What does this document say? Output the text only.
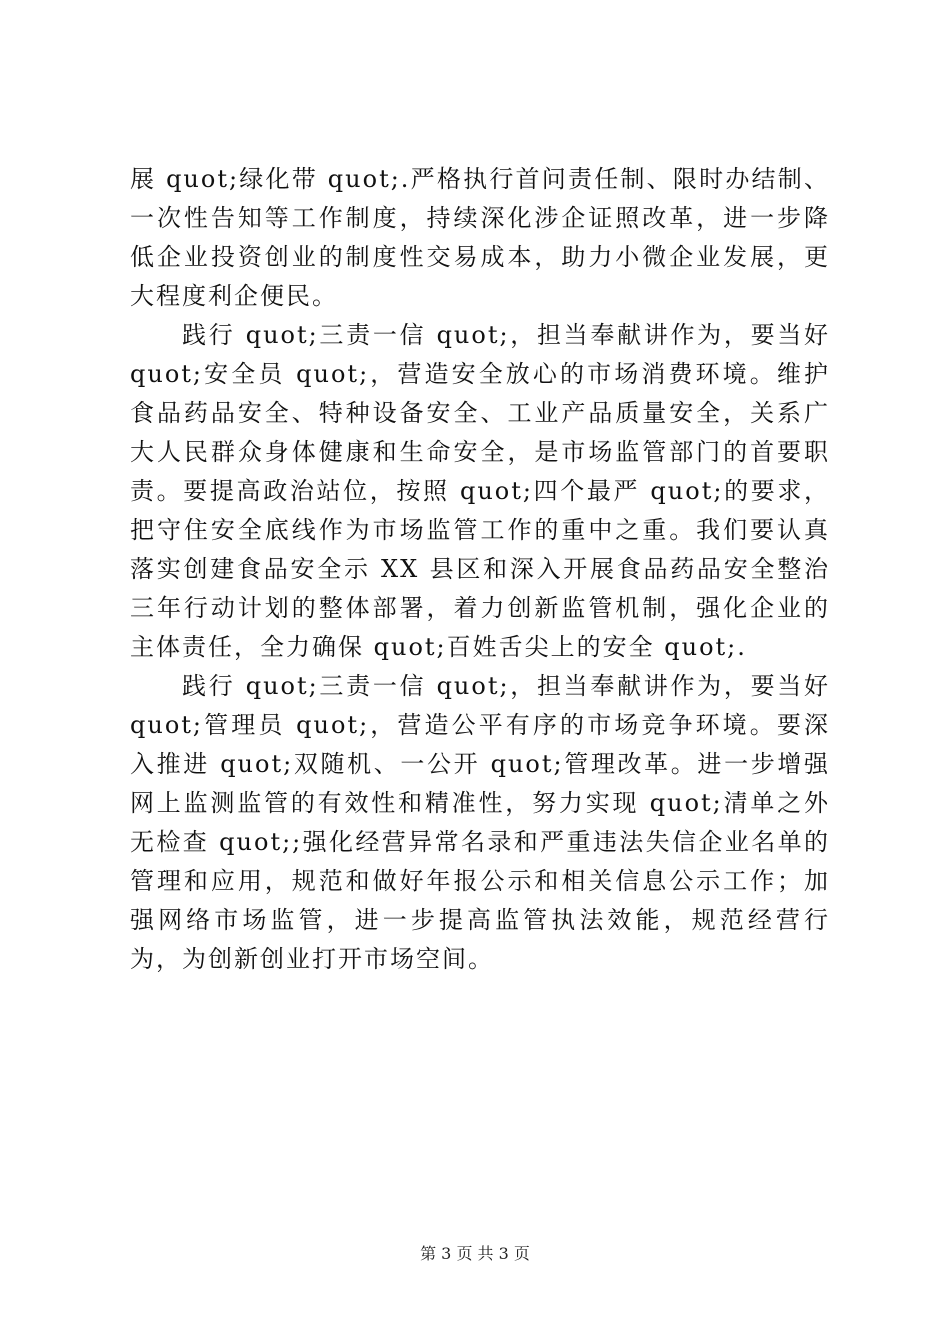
展 quot;绿化带 quot;.严格执行首问责任制、限时办结制、一次性告知等工作制度，持续深化涉企证照改革，进一步降低企业投资创业的制度性交易成本，助力小微企业发展，更大程度利企便民。

践行 quot;三责一信 quot;，担当奉献讲作为，要当好 quot;安全员 quot;，营造安全放心的市场消费环境。维护食品药品安全、特种设备安全、工业产品质量安全，关系广大人民群众身体健康和生命安全，是市场监管部门的首要职责。要提高政治站位，按照 quot;四个最严 quot;的要求，把守住安全底线作为市场监管工作的重中之重。我们要认真落实创建食品安全示 XX 县区和深入开展食品药品安全整治三年行动计划的整体部署，着力创新监管机制，强化企业的主体责任，全力确保 quot;百姓舌尖上的安全 quot;.

践行 quot;三责一信 quot;，担当奉献讲作为，要当好 quot;管理员 quot;，营造公平有序的市场竞争环境。要深入推进 quot;双随机、一公开 quot;管理改革。进一步增强网上监测监管的有效性和精准性，努力实现 quot;清单之外无检查 quot;;强化经营异常名录和严重违法失信企业名单的管理和应用，规范和做好年报公示和相关信息公示工作；加强网络市场监管，进一步提高监管执法效能，规范经营行为，为创新创业打开市场空间。

第 3 页 共 3 页
